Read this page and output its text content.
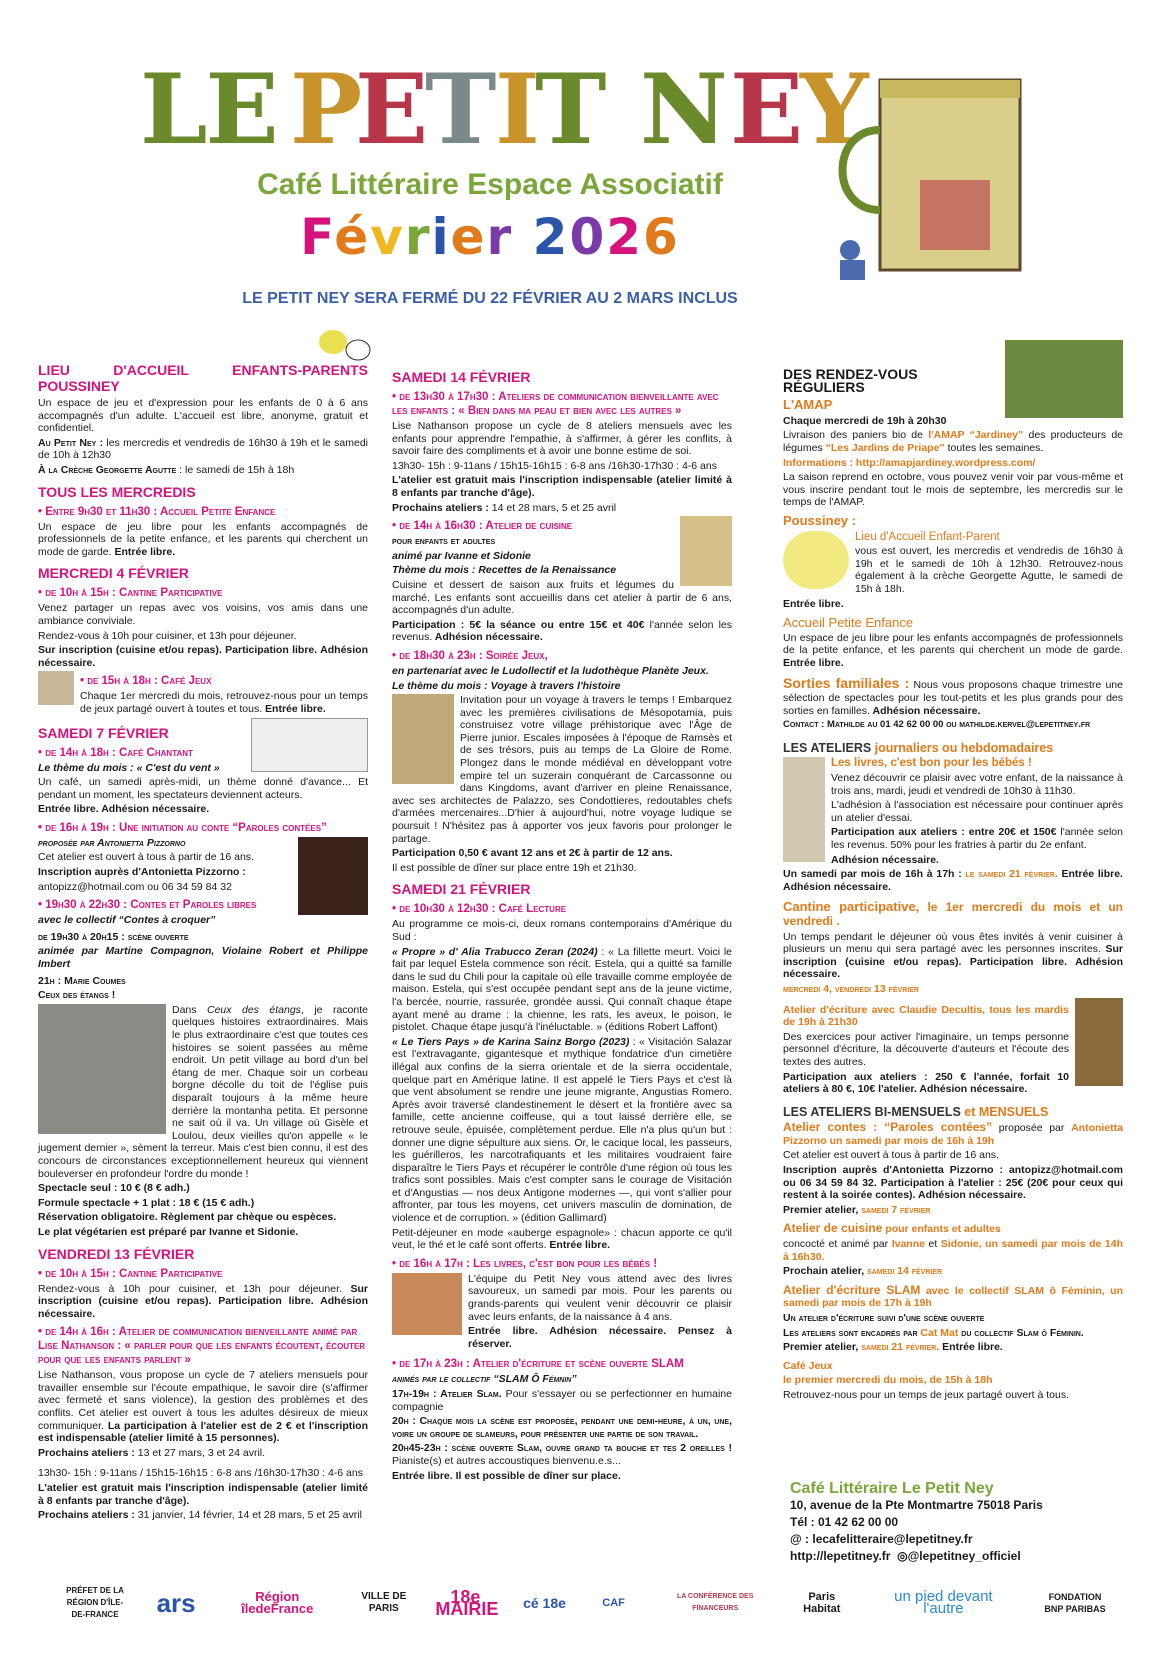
LE P
E
T I
T N E
Y
Café Littéraire Espace Associatif
Février 2026
LE PETIT NEY SERA FERMÉ DU 22 FÉVRIER AU 2 MARS INCLUS
LIEU D'ACCUEIL ENFANTS-PARENTS POUSSINEY

Un espace de jeu et d'expression pour les enfants de 0 à 6 ans accompagnés d'un adulte. L'accueil est libre, anonyme, gratuit et confidentiel.

Au Petit Ney : les mercredis et vendredis de 16h30 à 19h et le samedi de 10h à 12h30

À la Crèche Georgette Agutte : le samedi de 15h à 18h

TOUS LES MERCREDIS
• Entre 9h30 et 11h30 : Accueil Petite Enfance

Un espace de jeu libre pour les enfants accompagnés de professionnels de la petite enfance, et les parents qui cherchent un mode de garde. Entrée libre.

MERCREDI 4 FÉVRIER
• de 10h à 15h : Cantine Participative

Venez partager un repas avec vos voisins, vos amis dans une ambiance conviviale.

Rendez-vous à 10h pour cuisiner, et 13h pour déjeuner.

Sur inscription (cuisine et/ou repas). Participation libre. Adhésion nécessaire.

• de 15h à 18h : Café Jeux

Chaque 1er mercredi du mois, retrouvez-nous pour un temps de jeux partagé ouvert à toutes et tous. Entrée libre.

SAMEDI 7 FÉVRIER
• de 14h à 18h : Café Chantant

Le thème du mois : « C'est du vent »

Un café, un samedi après-midi, un thème donné d'avance... Et pendant un moment, les spectateurs deviennent acteurs.

Entrée libre. Adhésion nécessaire.

• de 16h à 19h : Une initiation au conte “Paroles contées”

proposée par Antonietta Pizzorno

Cet atelier est ouvert à tous à partir de 16 ans.

Inscription auprès d'Antonietta Pizzorno :

antopizz@hotmail.com ou 06 34 59 84 32

• 19h30 à 22h30 : Contes et Paroles libres

avec le collectif “Contes à croquer”

de 19h30 à 20h15 : scène ouverte

animée par Martine Compagnon, Violaine Robert et Philippe Imbert

21h : Marie Coumes

Ceux des étangs !

Dans Ceux des étangs, je raconte quelques histoires extraordinaires. Mais le plus extraordinaire c'est que toutes ces histoires se soient passées au même endroit. Un petit village au bord d'un bel étang de mer. Chaque soir un corbeau borgne décolle du toit de l'église puis disparaît toujours à la même heure derrière la montanha petita. Et personne ne sait où il va. Un village où Gisèle et Loulou, deux vieilles qu'on appelle « le jugement dernier », sèment la terreur. Mais c'est bien connu, il est des concours de circonstances exceptionnellement heureux qui viennent bouleverser en profondeur l'ordre du monde !

Spectacle seul : 10 € (8 € adh.)

Formule spectacle + 1 plat : 18 € (15 € adh.)

Réservation obligatoire. Règlement par chèque ou espèces.

Le plat végétarien est préparé par Ivanne et Sidonie.

VENDREDI 13 FÉVRIER
• de 10h à 15h : Cantine Participative

Rendez-vous à 10h pour cuisiner, et 13h pour déjeuner. Sur inscription (cuisine et/ou repas). Participation libre. Adhésion nécessaire.

• de 14h à 16h : Atelier de communication bienveillante animé par Lise Nathanson : « parler pour que les enfants écoutent, écouter pour que les enfants parlent »

Lise Nathanson, vous propose un cycle de 7 ateliers mensuels pour travailler ensemble sur l'écoute empathique, le savoir dire (s'affirmer avec fermeté et sans violence), la gestion des problèmes et des conflits. Cet atelier est ouvert à tous les adultes désireux de mieux communiquer. La participation à l'atelier est de 2 € et l'inscription est indispensable (atelier limité à 15 personnes).

Prochains ateliers : 13 et 27 mars, 3 et 24 avril.

13h30- 15h : 9-11ans / 15h15-16h15 : 6-8 ans /16h30-17h30 : 4-6 ans

L'atelier est gratuit mais l'inscription indispensable (atelier limité à 8 enfants par tranche d'âge).

Prochains ateliers : 31 janvier, 14 février, 14 et 28 mars, 5 et 25 avril

SAMEDI 14 FÉVRIER
• de 13h30 à 17h30 : Ateliers de communication bienveillante avec les enfants : « Bien dans ma peau et bien avec les autres »

Lise Nathanson propose un cycle de 8 ateliers mensuels avec les enfants pour apprendre l'empathie, à s'affirmer, à gérer les conflits, à savoir faire des compliments et à avoir une bonne estime de soi.

13h30- 15h : 9-11ans / 15h15-16h15 : 6-8 ans /16h30-17h30 : 4-6 ans

L'atelier est gratuit mais l'inscription indispensable (atelier limité à 8 enfants par tranche d'âge).

Prochains ateliers : 14 et 28 mars, 5 et 25 avril

• de 14h à 16h30 : Atelier de cuisine

pour enfants et adultes

animé par Ivanne et Sidonie

Thème du mois : Recettes de la Renaissance

Cuisine et dessert de saison aux fruits et légumes du marché. Les enfants sont accueillis dans cet atelier à partir de 6 ans, accompagnés d'un adulte.

Participation : 5€ la séance ou entre 15€ et 40€ l'année selon les revenus. Adhésion nécessaire.

• de 18h30 à 23h : Soirée Jeux,

en partenariat avec le Ludollectif et la ludothèque Planète Jeux.

Le thème du mois : Voyage à travers l'histoire

Invitation pour un voyage à travers le temps ! Embarquez avec les premières civilisations de Mésopotamia, puis construisez votre village préhistorique avec l'Âge de Pierre junior. Escales imposées à l'époque de Ramsès et de ses trésors, puis au temps de La Gloire de Rome. Plongez dans le monde médiéval en développant votre empire tel un suzerain conquérant de Carcassonne ou dans Kingdoms, avant d'arriver en pleine Renaissance, avec ses architectes de Palazzo, ses Condottieres, redoutables chefs d'armées mercenaires...D'hier à aujourd'hui, notre voyage ludique se poursuit ! N'hésitez pas à apporter vos jeux favoris pour prolonger le partage.

Participation 0,50 € avant 12 ans et 2€ à partir de 12 ans.

Il est possible de dîner sur place entre 19h et 21h30.

SAMEDI 21 FÉVRIER
• de 10h30 à 12h30 : Café Lecture

Au programme ce mois-ci, deux romans contemporains d'Amérique du Sud :

« Propre » d' Alia Trabucco Zeran (2024) : « La fillette meurt. Voici le fait par lequel Estela commence son récit. Estela, qui a quitté sa famille dans le sud du Chili pour la capitale où elle travaille comme employée de maison. Estela, qui s'est occupée pendant sept ans de la jeune victime, l'a bercée, nourrie, rassurée, grondée aussi. Qui connaît chaque étape ayant mené au drame : la chienne, les rats, les aveux, le poison, le pistolet. Chaque étape jusqu'à l'inéluctable. » (éditions Robert Laffont)

« Le Tiers Pays » de Karina Sainz Borgo (2023) : « Visitación Salazar est l'extravagante, gigantesque et mythique fondatrice d'un cimetière illégal aux confins de la sierra orientale et de la sierra occidentale, quelque part en Amérique latine. Il est appelé le Tiers Pays et c'est là que vent absolument se rendre une jeune migrante, Angustias Romero. Après avoir traversé clandestinement le désert et la frontière avec sa famille, cette ancienne coiffeuse, qui a tout laissé derrière elle, se retrouve seule, épuisée, complètement perdue. Elle n'a plus qu'un but : donner une digne sépulture aux siens. Or, le cacique local, les passeurs, les guérilleros, les narcotrafiquants et les militaires voudraient faire disparaître le Tiers Pays et récupérer le contrôle d'une région où tous les trafics sont possibles. Mais c'est compter sans le courage de Visitación et d'Angustias — nos deux Antigone modernes —, qui vont s'allier pour affronter, par tous les moyens, cet univers masculin de domination, de violence et de corruption. » (édition Gallimard)

Petit-déjeuner en mode «auberge espagnole» : chacun apporte ce qu'il veut, le thé et le café sont offerts. Entrée libre.

• de 16h à 17h : Les livres, c'est bon pour les bébés !

L'équipe du Petit Ney vous attend avec des livres savoureux, un samedi par mois. Pour les parents ou grands-parents qui veulent venir découvrir ce plaisir avec leurs enfants, de la naissance à 4 ans.

Entrée libre. Adhésion nécessaire. Pensez à réserver.

• de 17h à 23h : Atelier d'écriture et scène ouverte SLAM

animés par le collectif “SLAM Ô Fémnin”

17h-19h : Atelier Slam. Pour s'essayer ou se perfectionner en humaine compagnie

20h : Chaque mois la scène est proposée, pendant une demi-heure, à un, une, voire un groupe de slameurs, pour présenter une partie de son travail.

20h45-23h : scène ouverte Slam, ouvre grand ta bouche et tes 2 oreilles ! Pianiste(s) et autres accoustiques bienvenu.e.s...

Entrée libre. Il est possible de dîner sur place.

DES RENDEZ-VOUS RÉGULIERS
L'AMAP

Chaque mercredi de 19h à 20h30

Livraison des paniers bio de l'AMAP “Jardiney” des producteurs de légumes “Les Jardins de Priape” toutes les semaines.

Informations : http://amapjardiney.wordpress.com/

La saison reprend en octobre, vous pouvez venir voir par vous-même et vous inscrire pendant tout le mois de septembre, les mercredis sur le temps de l'AMAP.

Poussiney :

Lieu d'Accueil Enfant-Parent

vous est ouvert, les mercredis et vendredis de 16h30 à 19h et le samedi de 10h à 12h30. Retrouvez-nous également à la crèche Georgette Agutte, le samedi de 15h à 18h.

Entrée libre.

Accueil Petite Enfance

Un espace de jeu libre pour les enfants accompagnés de professionnels de la petite enfance, et les parents qui cherchent un mode de garde. Entrée libre.

Sorties familiales : Nous vous proposons chaque trimestre une sélection de spectacles pour les tout-petits et les plus grands pour des sorties en familles. Adhésion nécessaire.

Contact : Mathilde au 01 42 62 00 00 ou mathilde.kervel@lepetitney.fr

LES ATELIERS journaliers ou hebdomadaires
Les livres, c'est bon pour les bébés !

Venez découvrir ce plaisir avec votre enfant, de la naissance à trois ans, mardi, jeudi et vendredi de 10h30 à 11h30.

L'adhésion à l'association est nécessaire pour continuer après un atelier d'essai.

Participation aux ateliers : entre 20€ et 150€ l'année selon les revenus. 50% pour les fratries à partir du 2e enfant.

Adhésion nécessaire.

Un samedi par mois de 16h à 17h : le samedi 21 février. Entrée libre. Adhésion nécessaire.

Cantine participative, le 1er mercredi du mois et un vendredi .

Un temps pendant le déjeuner où vous êtes invités à venir cuisiner à plusieurs un menu qui sera partagé avec les personnes inscrites. Sur inscription (cuisine et/ou repas). Participation libre. Adhésion nécessaire.

mercredi 4, vendredi 13 février

Atelier d'écriture avec Claudie Decultis, tous les mardis de 19h à 21h30

Des exercices pour activer l'imaginaire, un temps personne personnel d'écriture, la découverte d'auteurs et l'écoute des textes des autres.

Participation aux ateliers : 250 € l'année, forfait 10 ateliers à 80 €, 10€ l'atelier. Adhésion nécessaire.

LES ATELIERS BI-MENSUELS et MENSUELS

Atelier contes : “Paroles contées” proposée par Antonietta Pizzorno un samedi par mois de 16h à 19h

Cet atelier est ouvert à tous à partir de 16 ans.

Inscription auprès d'Antonietta Pizzorno : antopizz@hotmail.com ou 06 34 59 84 32. Participation à l'atelier : 25€ (20€ pour ceux qui restent à la soirée contes). Adhésion nécessaire.

Premier atelier, samedi 7 février

Atelier de cuisine pour enfants et adultes

concocté et animé par Ivanne et Sidonie, un samedi par mois de 14h à 16h30.

Prochain atelier, samedi 14 février

Atelier d'écriture SLAM avec le collectif SLAM ô Féminin, un samedi par mois de 17h à 19h

Un atelier d'écriture suivi d'une scène ouverte

Les ateliers sont encadrés par Cat Mat du collectif Slam ô Féminin.

Premier atelier, samedi 21 février. Entrée libre.

Café Jeux

le premier mercredi du mois, de 15h à 18h

Retrouvez-nous pour un temps de jeux partagé ouvert à tous.

Café Littéraire Le Petit Ney
10, avenue de la Pte Montmartre 75018 Paris
Tél : 01 42 62 00 00
@ : lecafelitteraire@lepetitney.fr
http://lepetitney.fr ◎@lepetitney_officiel
PRÉFET DE LA RÉGION D'ÎLE-DE-FRANCE	ars	Région îledeFrance
VILLE DE PARIS
18e MAIRIE cé 18e	CAF
LA CONFÉRENCE DES FINANCEURS
Paris Habitat
un pied devant l'autre
FONDATION BNP PARIBAS
